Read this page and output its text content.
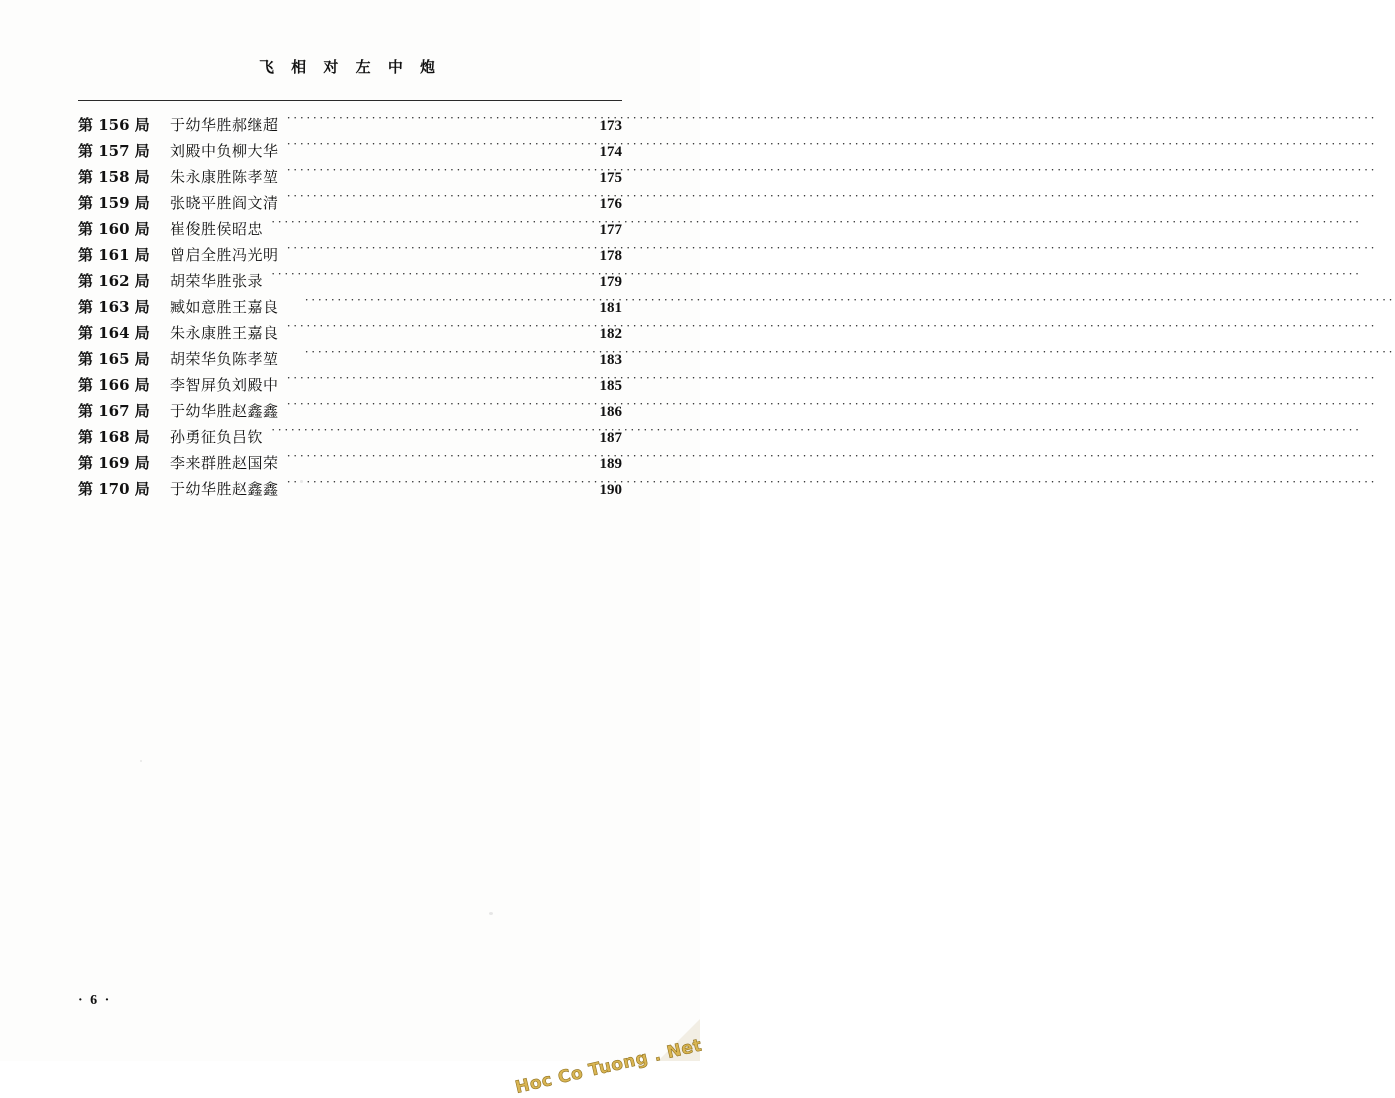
飞 相 对 左 中 炮
第 156 局	于幼华胜郝继超 ·····	173
第 157 局	刘殿中负柳大华 ·····	174
第 158 局	朱永康胜陈孝堃 ·····	175
第 159 局	张晓平胜阎文清 ·····	176
第 160 局	崔俊胜侯昭忠 ·····	177
第 161 局	曾启全胜冯光明 ·····	178
第 162 局	胡荣华胜张录 ·····	179
第 163 局	臧如意胜王嘉良 ·····	181
第 164 局	朱永康胜王嘉良 ·····	182
第 165 局	胡荣华负陈孝堃 ·····	183
第 166 局	李智屏负刘殿中 ·····	185
第 167 局	于幼华胜赵鑫鑫 ·····	186
第 168 局	孙勇征负吕钦 ·····	187
第 169 局	李来群胜赵国荣 ·····	189
第 170 局	于幼华胜赵鑫鑫 ·····	190
· 6 ·
Hoc Co Tuong . Net
